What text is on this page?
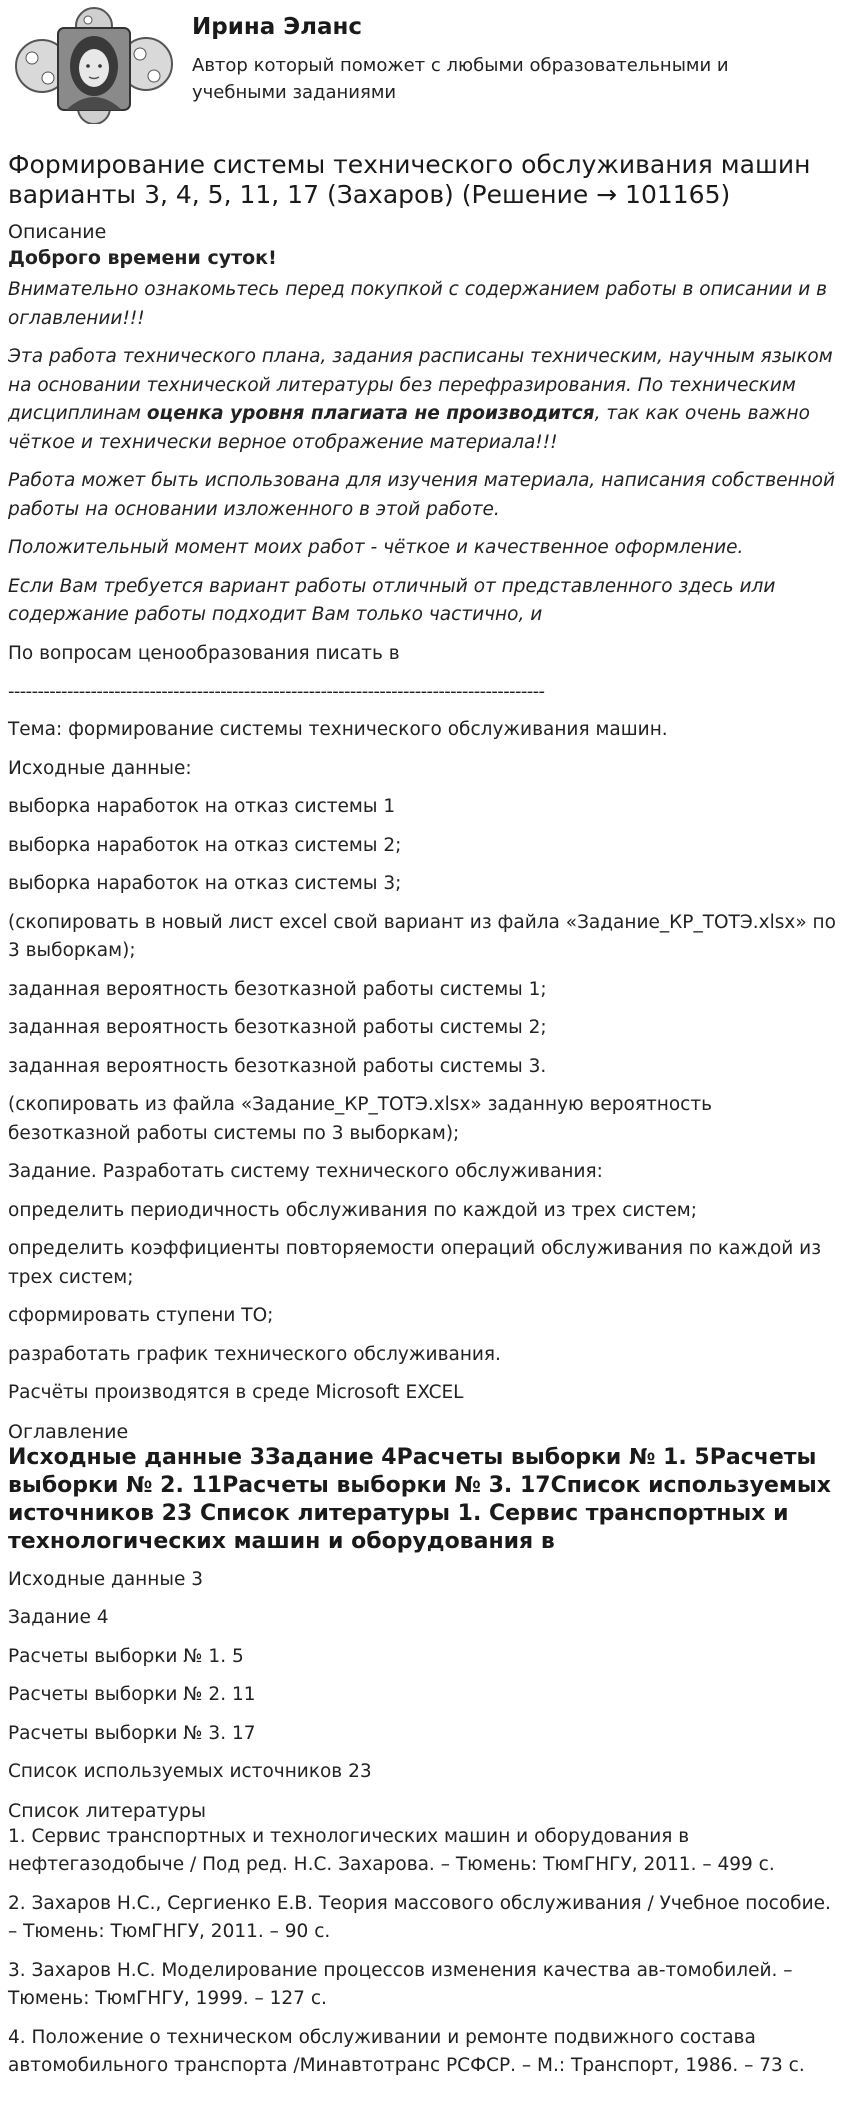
Ирина Эланс
Автор который поможет с любыми образовательными и учебными заданиями
Формирование системы технического обслуживания машин варианты 3, 4, 5, 11, 17 (Захаров) (Решение → 101165)
Описание
Доброго времени суток!

Внимательно ознакомьтесь перед покупкой с содержанием работы в описании и в оглавлении!!!

Эта работа технического плана, задания расписаны техническим, научным языком на основании технической литературы без перефразирования. По техническим дисциплинам оценка уровня плагиата не производится, так как очень важно чёткое и технически верное отображение материала!!!

Работа может быть использована для изучения материала, написания собственной работы на основании изложенного в этой работе.

Положительный момент моих работ - чёткое и качественное оформление.

Если Вам требуется вариант работы отличный от представленного здесь или содержание работы подходит Вам только частично, и

По вопросам ценообразования писать в

-------------------------------------------------------------------------------------------

Тема: формирование системы технического обслуживания машин.

Исходные данные:

выборка наработок на отказ системы 1

выборка наработок на отказ системы 2;

выборка наработок на отказ системы 3;

(скопировать в новый лист excel свой вариант из файла «Задание_КР_ТОТЭ.xlsx» по 3 выборкам);

заданная вероятность безотказной работы системы 1;

заданная вероятность безотказной работы системы 2;

заданная вероятность безотказной работы системы 3.

(скопировать из файла «Задание_КР_ТОТЭ.xlsx» заданную вероятность безотказной работы системы по 3 выборкам);

Задание. Разработать систему технического обслуживания:

определить периодичность обслуживания по каждой из трех систем;

определить коэффициенты повторяемости операций обслуживания по каждой из трех систем;

сформировать ступени ТО;

разработать график технического обслуживания.

Расчёты производятся в среде Microsoft EXCEL

Оглавление
Исходные данные 3Задание 4Расчеты выборки № 1. 5Расчеты выборки № 2. 11Расчеты выборки № 3. 17Список используемых источников 23 Список литературы 1. Сервис транспортных и технологических машин и оборудования в

Исходные данные 3

Задание 4

Расчеты выборки № 1. 5

Расчеты выборки № 2. 11

Расчеты выборки № 3. 17

Список используемых источников 23

Список литературы

1. Сервис транспортных и технологических машин и оборудования в нефтегазодобыче / Под ред. Н.С. Захарова. – Тюмень: ТюмГНГУ, 2011. – 499 с.

2. Захаров Н.С., Сергиенко Е.В. Теория массового обслуживания / Учебное пособие. – Тюмень: ТюмГНГУ, 2011. – 90 с.

3. Захаров Н.С. Моделирование процессов изменения качества ав-томобилей. – Тюмень: ТюмГНГУ, 1999. – 127 с.

4. Положение о техническом обслуживании и ремонте подвижного состава автомобильного транспорта /Минавтотранс РСФСР. – М.: Транспорт, 1986. – 73 с.
